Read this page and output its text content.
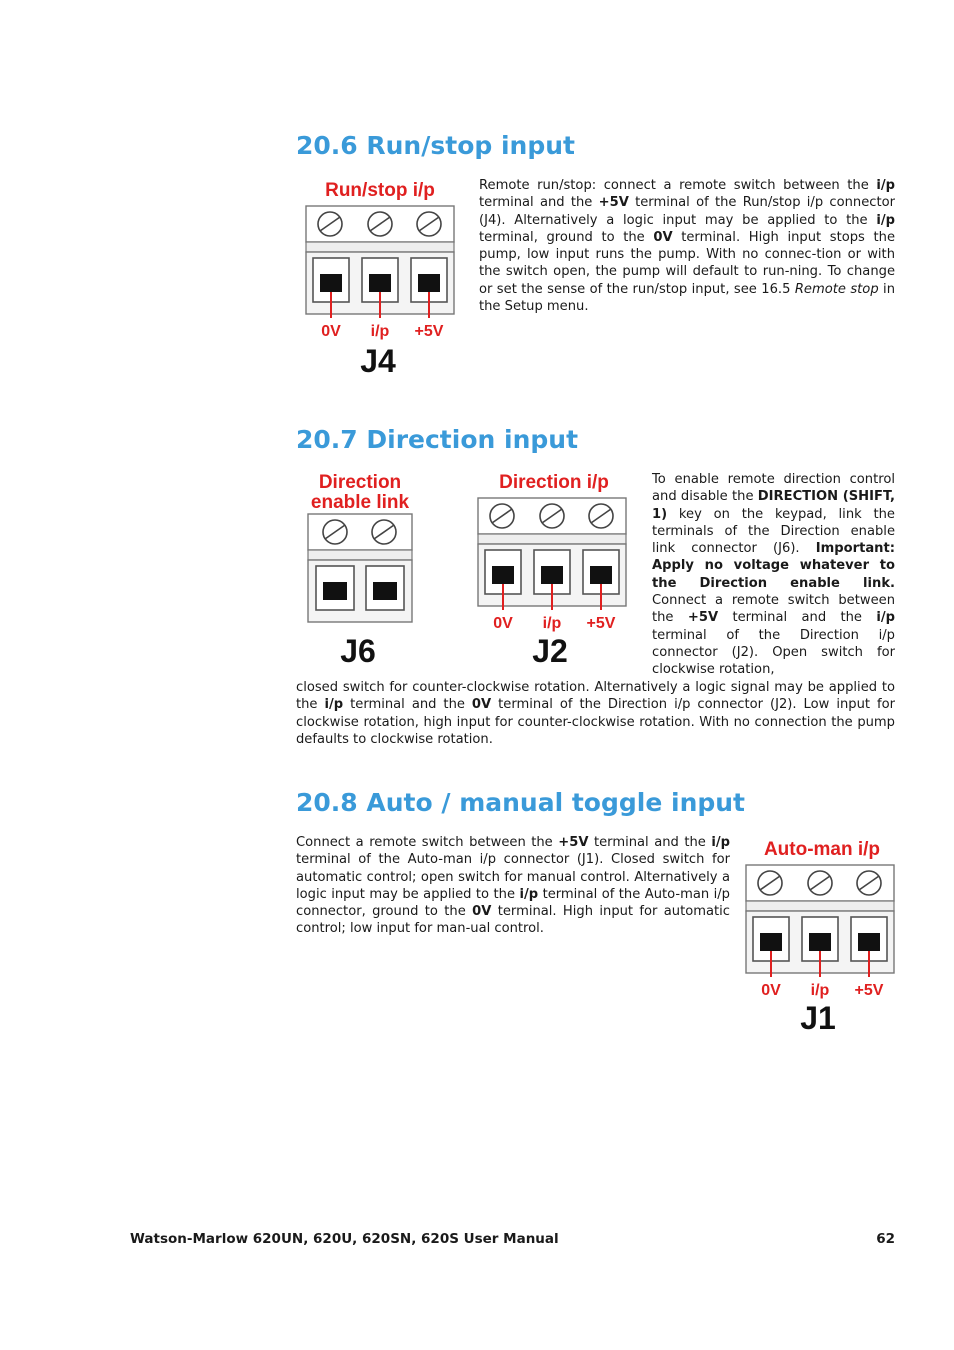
20.6 Run/stop input
Run/stop i/p
0V i/p +5V
J4

Remote run/stop: connect a remote switch between the i/p terminal and the +5V terminal of the Run/stop i/p connector (J4). Alternatively a logic input may be applied to the i/p terminal, ground to the 0V terminal. High input stops the pump, low input runs the pump. With no connec-tion or with the switch open, the pump will default to run-ning. To change or set the sense of the run/stop input, see 16.5 Remote stop in the Setup menu.

20.7 Direction input
Direction
enable link
J6
Direction i/p
0V i/p +5V
J2

To enable remote direction control and disable the DIRECTION (SHIFT, 1) key on the keypad, link the terminals of the Direction enable link connector (J6). Important: Apply no voltage whatever to the Direction enable link. Connect a remote switch between the +5V terminal and the i/p terminal of the Direction i/p connector (J2). Open switch for clockwise rotation,

closed switch for counter-clockwise rotation. Alternatively a logic signal may be applied to the i/p terminal and the 0V terminal of the Direction i/p connector (J2). Low input for clockwise rotation, high input for counter-clockwise rotation. With no connection the pump defaults to clockwise rotation.

20.8 Auto / manual toggle input

Connect a remote switch between the +5V terminal and the i/p terminal of the Auto-man i/p connector (J1). Closed switch for automatic control; open switch for manual control. Alternatively a logic input may be applied to the i/p terminal of the Auto-man i/p connector, ground to the 0V terminal. High input for automatic control; low input for man-ual control.

Auto-man i/p
0V i/p +5V
J1
Watson-Marlow 620UN, 620U, 620SN, 620S User Manual	62
